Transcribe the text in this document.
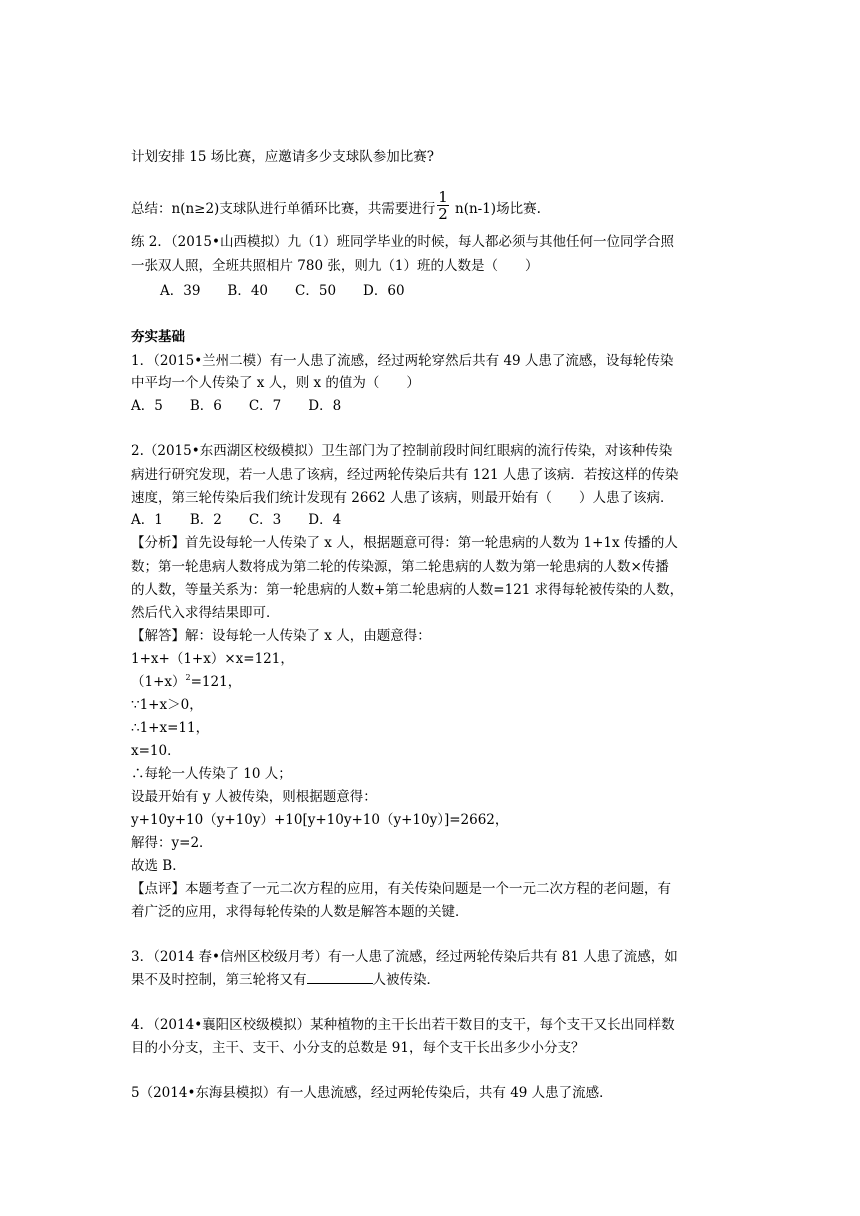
计划安排 15 场比赛，应邀请多少支球队参加比赛?
总结：n(n≥2)支球队进行单循环比赛，共需要进行 $\frac{1}{2} n(n-1)$场比赛.
练 2．（2015•山西模拟）九（1）班同学毕业的时候，每人都必须与其他任何一位同学合照
一张双人照，全班共照相片 780 张，则九（1）班的人数是（　　）
A．39　　B．40　　C．50　　D．60
夯实基础
1．（2015•兰州二模）有一人患了流感，经过两轮穿然后共有 49 人患了流感，设每轮传染
中平均一个人传染了 x 人，则 x 的值为（　　）
A．5　　B．6　　C．7　　D．8
2.（2015•东西湖区校级模拟）卫生部门为了控制前段时间红眼病的流行传染，对该种传染
病进行研究发现，若一人患了该病，经过两轮传染后共有 121 人患了该病．若按这样的传染
速度，第三轮传染后我们统计发现有 2662 人患了该病，则最开始有（　　）人患了该病．
A．1　　B．2　　C．3　　D．4
【分析】首先设每轮一人传染了 x 人，根据题意可得：第一轮患病的人数为 1+1x 传播的人
数；第一轮患病人数将成为第二轮的传染源，第二轮患病的人数为第一轮患病的人数×传播
的人数，等量关系为：第一轮患病的人数+第二轮患病的人数=121 求得每轮被传染的人数，
然后代入求得结果即可．
【解答】解：设每轮一人传染了 x 人，由题意得：
1+x+（1+x）×x=121，
$(1+x)^2=121$，
∵1+x＞0，
∴1+x=11，
x=10．
∴每轮一人传染了 10 人；
设最开始有 y 人被传染，则根据题意得：
y+10y+10（y+10y）+10[y+10y+10（y+10y）]=2662，
解得：y=2．
故选 B．
【点评】本题考查了一元二次方程的应用，有关传染问题是一个一元二次方程的老问题，有
着广泛的应用，求得每轮传染的人数是解答本题的关键．
3．（2014 春•信州区校级月考）有一人患了流感，经过两轮传染后共有 81 人患了流感，如
果不及时控制，第三轮将又有	人被传染．
4．（2014•襄阳区校级模拟）某种植物的主干长出若干数目的支干，每个支干又长出同样数
目的小分支，主干、支干、小分支的总数是 91，每个支干长出多少小分支？
5（2014•东海县模拟）有一人患流感，经过两轮传染后，共有 49 人患了流感．
